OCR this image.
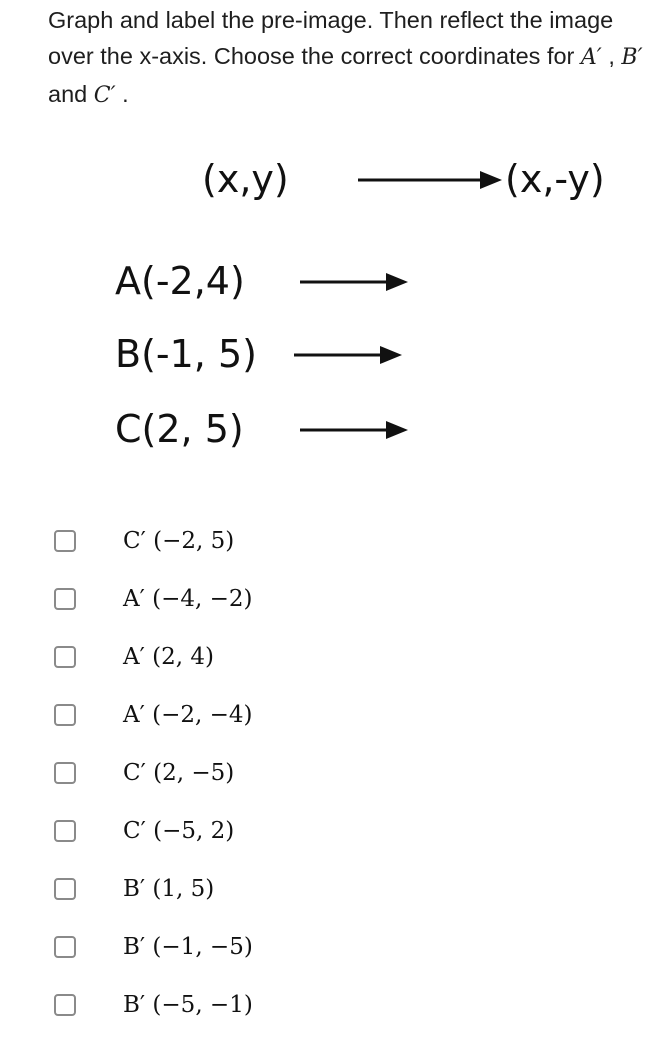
Graph and label the pre-image. Then reflect the image over the x-axis. Choose the correct coordinates for A′ , B′ and C′ .
(x,y)	(x,-y)
A(-2,4)
B(-1, 5)
C(2, 5)
C′ (−2, 5)
A′ (−4, −2)
A′ (2, 4)
A′ (−2, −4)
C′ (2, −5)
C′ (−5, 2)
B′ (1, 5)
B′ (−1, −5)
B′ (−5, −1)
